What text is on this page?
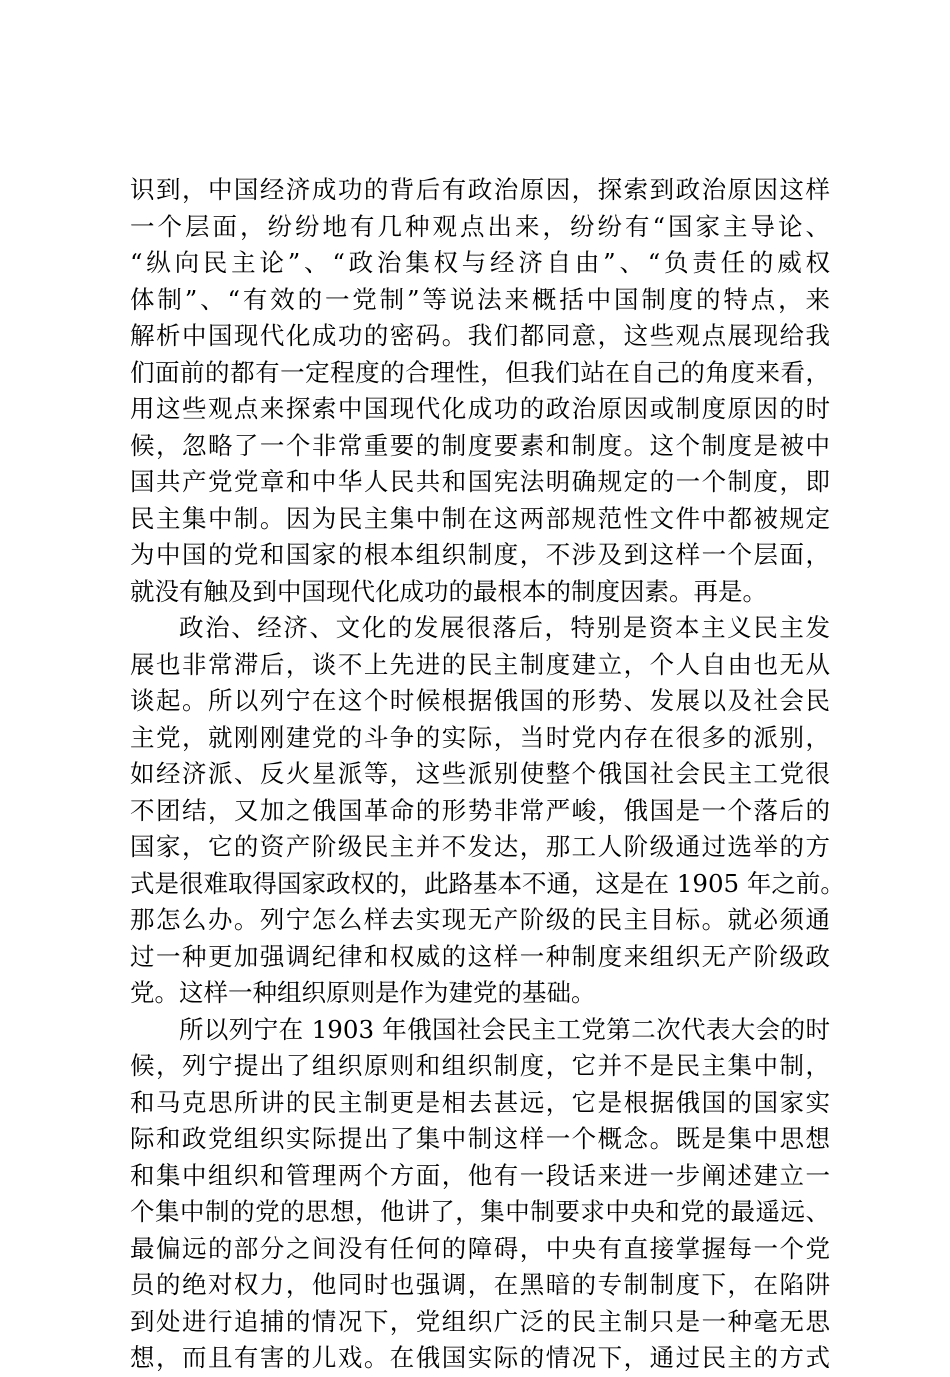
识到，中国经济成功的背后有政治原因，探索到政治原因这样
一个层面，纷纷地有几种观点出来，纷纷有“国家主导论、
“纵向民主论”、“政治集权与经济自由”、“负责任的威权
体制”、“有效的一党制”等说法来概括中国制度的特点，来
解析中国现代化成功的密码。我们都同意，这些观点展现给我
们面前的都有一定程度的合理性，但我们站在自己的角度来看，
用这些观点来探索中国现代化成功的政治原因或制度原因的时
候，忽略了一个非常重要的制度要素和制度。这个制度是被中
国共产党党章和中华人民共和国宪法明确规定的一个制度，即
民主集中制。因为民主集中制在这两部规范性文件中都被规定
为中国的党和国家的根本组织制度，不涉及到这样一个层面，
就没有触及到中国现代化成功的最根本的制度因素。再是。
政治、经济、文化的发展很落后，特别是资本主义民主发
展也非常滞后，谈不上先进的民主制度建立，个人自由也无从
谈起。所以列宁在这个时候根据俄国的形势、发展以及社会民
主党，就刚刚建党的斗争的实际，当时党内存在很多的派别，
如经济派、反火星派等，这些派别使整个俄国社会民主工党很
不团结，又加之俄国革命的形势非常严峻，俄国是一个落后的
国家，它的资产阶级民主并不发达，那工人阶级通过选举的方
式是很难取得国家政权的，此路基本不通，这是在 1905 年之前。
那怎么办。列宁怎么样去实现无产阶级的民主目标。就必须通
过一种更加强调纪律和权威的这样一种制度来组织无产阶级政
党。这样一种组织原则是作为建党的基础。
所以列宁在 1903 年俄国社会民主工党第二次代表大会的时
候，列宁提出了组织原则和组织制度，它并不是民主集中制，
和马克思所讲的民主制更是相去甚远，它是根据俄国的国家实
际和政党组织实际提出了集中制这样一个概念。既是集中思想
和集中组织和管理两个方面，他有一段话来进一步阐述建立一
个集中制的党的思想，他讲了，集中制要求中央和党的最遥远、
最偏远的部分之间没有任何的障碍，中央有直接掌握每一个党
员的绝对权力，他同时也强调，在黑暗的专制制度下，在陷阱
到处进行追捕的情况下，党组织广泛的民主制只是一种毫无思
想，而且有害的儿戏。在俄国实际的情况下，通过民主的方式
